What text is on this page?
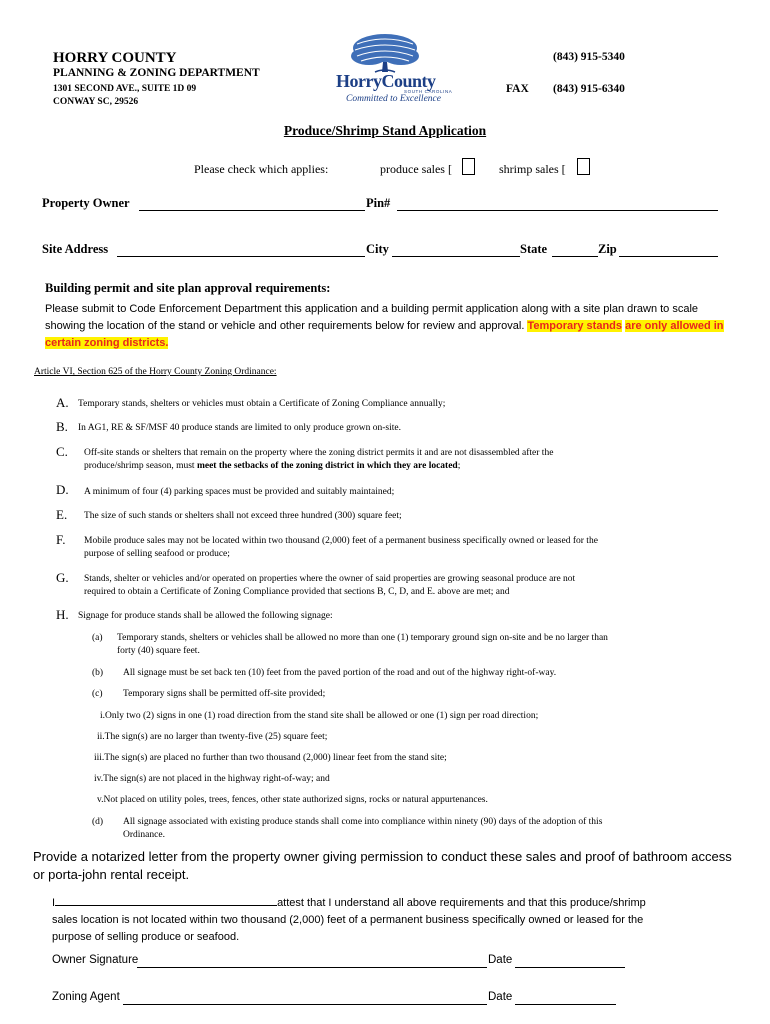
HORRY COUNTY
PLANNING & ZONING DEPARTMENT
1301 SECOND AVE., SUITE 1D 09
CONWAY SC, 29526
(843) 915-5340
FAX (843) 915-6340
HorryCounty
SOUTH CAROLINA
Committed to Excellence
Produce/Shrimp Stand Application
Please check which applies:	produce sales [	shrimp sales [
Property Owner	Pin#
Site Address	City	State	Zip
Building permit and site plan approval requirements:
Please submit to Code Enforcement Department this application and a building permit application along with a site plan drawn to scale showing the location of the stand or vehicle and other requirements below for review and approval. Temporary stands are only allowed in certain zoning districts.
Article VI, Section 625 of the Horry County Zoning Ordinance:
A. Temporary stands, shelters or vehicles must obtain a Certificate of Zoning Compliance annually;
B. In AG1, RE & SF/MSF 40 produce stands are limited to only produce grown on-site.
C. Off-site stands or shelters that remain on the property where the zoning district permits it and are not disassembled after the
produce/shrimp season, must meet the setbacks of the zoning district in which they are located;
D. A minimum of four (4) parking spaces must be provided and suitably maintained;
E. The size of such stands or shelters shall not exceed three hundred (300) square feet;
F. Mobile produce sales may not be located within two thousand (2,000) feet of a permanent business specifically owned or leased for the
purpose of selling seafood or produce;
G. Stands, shelter or vehicles and/or operated on properties where the owner of said properties are growing seasonal produce are not
required to obtain a Certificate of Zoning Compliance provided that sections B, C, D, and E. above are met; and
H. Signage for produce stands shall be allowed the following signage:
(a) Temporary stands, shelters or vehicles shall be allowed no more than one (1) temporary ground sign on-site and be no larger than
forty (40) square feet.
(b) All signage must be set back ten (10) feet from the paved portion of the road and out of the highway right-of-way.
(c) Temporary signs shall be permitted off-site provided;
i.Only two (2) signs in one (1) road direction from the stand site shall be allowed or one (1) sign per road direction;
ii.The sign(s) are no larger than twenty-five (25) square feet;
iii.The sign(s) are placed no further than two thousand (2,000) linear feet from the stand site;
iv.The sign(s) are not placed in the highway right-of-way; and
v.Not placed on utility poles, trees, fences, other state authorized signs, rocks or natural appurtenances.
(d) All signage associated with existing produce stands shall come into compliance within ninety (90) days of the adoption of this
Ordinance.
Provide a notarized letter from the property owner giving permission to conduct these sales and proof of bathroom access or porta-john rental receipt.
I	attest that I understand all above requirements and that this produce/shrimp
sales location is not located within two thousand (2,000) feet of a permanent business specifically owned or leased for the
purpose of selling produce or seafood.
Owner Signature	Date
Zoning Agent	Date
